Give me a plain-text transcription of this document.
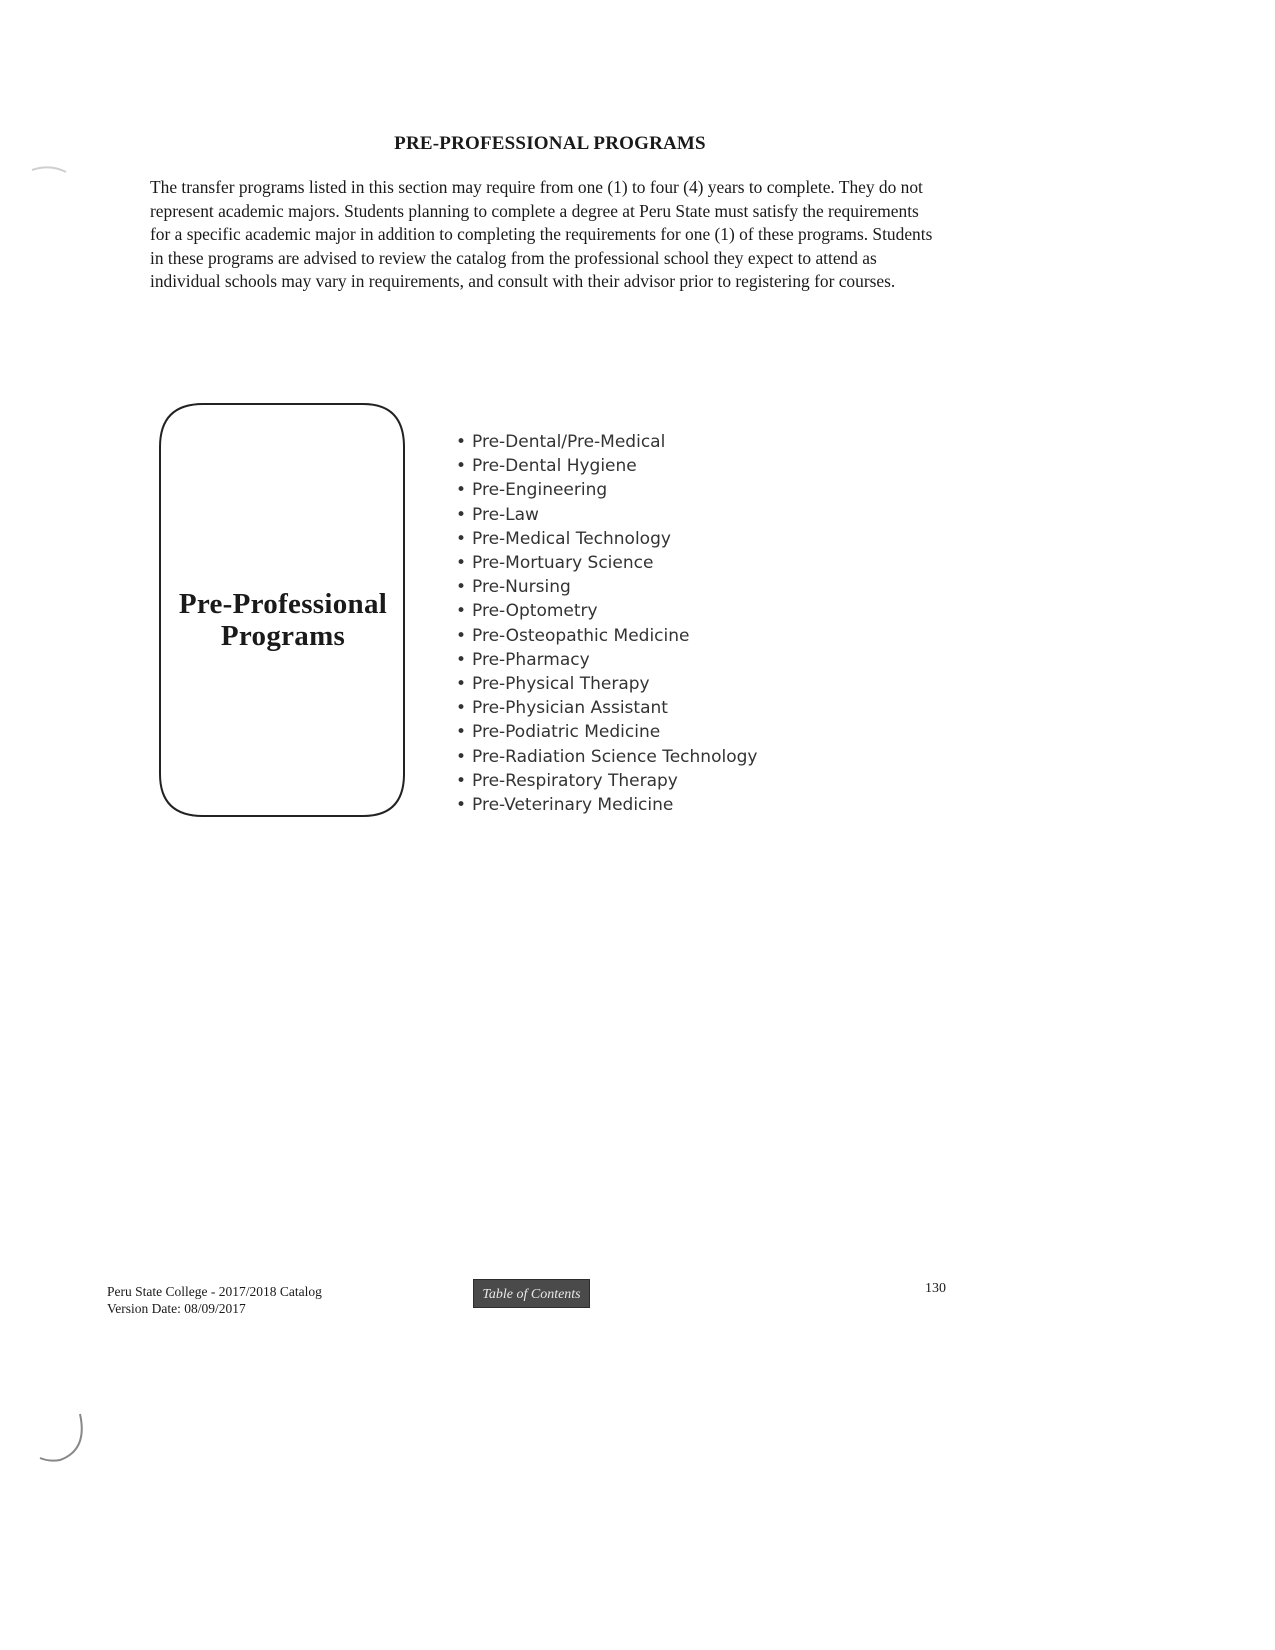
PRE-PROFESSIONAL PROGRAMS

The transfer programs listed in this section may require from one (1) to four (4) years to complete. They do not represent academic majors. Students planning to complete a degree at Peru State must satisfy the requirements for a specific academic major in addition to completing the requirements for one (1) of these programs. Students in these programs are advised to review the catalog from the professional school they expect to attend as individual schools may vary in requirements, and consult with their advisor prior to registering for courses.

Pre-Professional
Programs
• Pre-Dental/Pre-Medical
• Pre-Dental Hygiene
• Pre-Engineering
• Pre-Law
• Pre-Medical Technology
• Pre-Mortuary Science
• Pre-Nursing
• Pre-Optometry
• Pre-Osteopathic Medicine
• Pre-Pharmacy
• Pre-Physical Therapy
• Pre-Physician Assistant
• Pre-Podiatric Medicine
• Pre-Radiation Science Technology
• Pre-Respiratory Therapy
• Pre-Veterinary Medicine
Peru State College - 2017/2018 Catalog
Version Date: 08/09/2017
Table of Contents	130
